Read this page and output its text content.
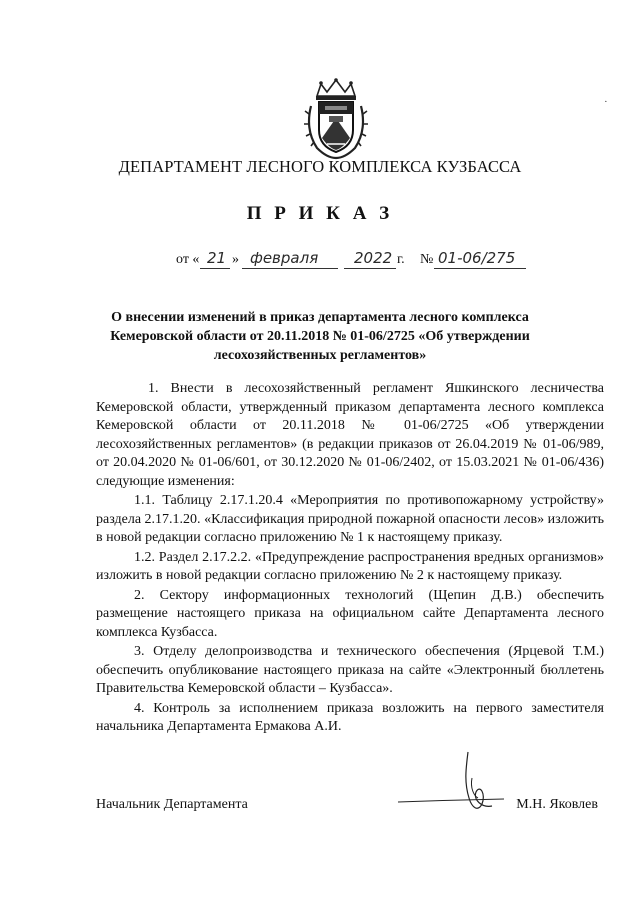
·
ДЕПАРТАМЕНТ ЛЕСНОГО КОМПЛЕКСА КУЗБАССА
П Р И К А З
от « 21 » февраля 2022 г. № 01-06/275
О внесении изменений в приказ департамента лесного комплекса
Кемеровской области от 20.11.2018 № 01-06/2725 «Об утверждении
лесохозяйственных регламентов»

1. Внести в лесохозяйственный регламент Яшкинского лесничества Кемеровской области, утвержденный приказом департамента лесного комплекса Кемеровской области от 20.11.2018 № 01-06/2725 «Об утверждении лесохозяйственных регламентов» (в редакции приказов от 26.04.2019 № 01-06/989, от 20.04.2020 № 01-06/601, от 30.12.2020 № 01-06/2402, от 15.03.2021 № 01-06/436) следующие изменения:

1.1. Таблицу 2.17.1.20.4 «Мероприятия по противопожарному устройству» раздела 2.17.1.20. «Классификация природной пожарной опасности лесов» изложить в новой редакции согласно приложению № 1 к настоящему приказу.

1.2. Раздел 2.17.2.2. «Предупреждение распространения вредных организмов» изложить в новой редакции согласно приложению № 2 к настоящему приказу.

2. Сектору информационных технологий (Щепин Д.В.) обеспечить размещение настоящего приказа на официальном сайте Департамента лесного комплекса Кузбасса.

3. Отделу делопроизводства и технического обеспечения (Ярцевой Т.М.) обеспечить опубликование настоящего приказа на сайте «Электронный бюллетень Правительства Кемеровской области – Кузбасса».

4. Контроль за исполнением приказа возложить на первого заместителя начальника Департамента Ермакова А.И.

Начальник Департамента	М.Н. Яковлев
